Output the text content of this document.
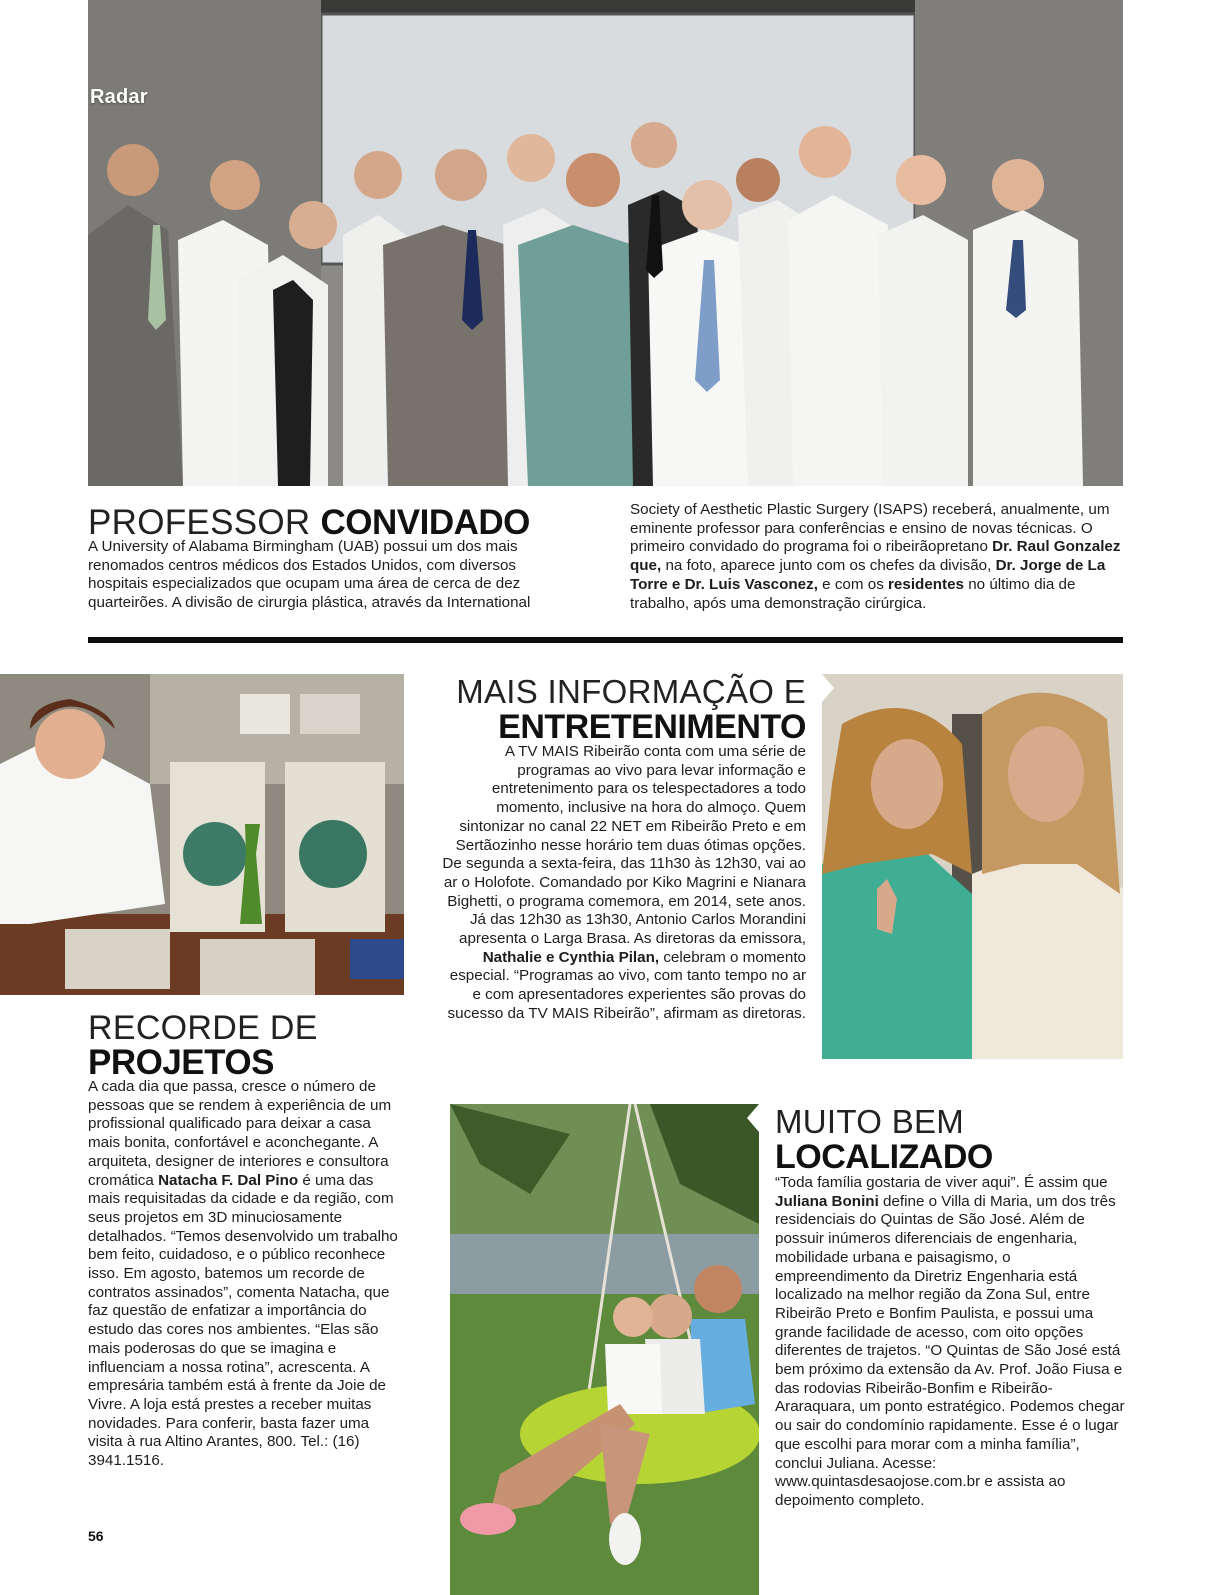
Radar
PROFESSOR CONVIDADO

A University of Alabama Birmingham (UAB) possui um dos mais renomados centros médicos dos Estados Unidos, com diversos hospitais especializados que ocupam uma área de cerca de dez quarteirões. A divisão de cirurgia plástica, através da International

Society of Aesthetic Plastic Surgery (ISAPS) receberá, anualmente, um eminente professor para conferências e ensino de novas técnicas. O primeiro convidado do programa foi o ribeirãopretano Dr. Raul Gonzalez que, na foto, aparece junto com os chefes da divisão, Dr. Jorge de La Torre e Dr. Luis Vasconez, e com os residentes no último dia de trabalho, após uma demonstração cirúrgica.

RECORDE DE
PROJETOS

A cada dia que passa, cresce o número de pessoas que se rendem à experiência de um profissional qualificado para deixar a casa mais bonita, confortável e aconchegante. A arquiteta, designer de interiores e consultora cromática Natacha F. Dal Pino é uma das mais requisitadas da cidade e da região, com seus projetos em 3D minuciosamente detalhados. “Temos desenvolvido um trabalho bem feito, cuidadoso, e o público reconhece isso. Em agosto, batemos um recorde de contratos assinados”, comenta Natacha, que faz questão de enfatizar a importância do estudo das cores nos ambientes. “Elas são mais poderosas do que se imagina e influenciam a nossa rotina”, acrescenta. A empresária também está à frente da Joie de Vivre. A loja está prestes a receber muitas novidades. Para conferir, basta fazer uma visita à rua Altino Arantes, 800. Tel.: (16) 3941.1516.

MAIS INFORMAÇÃO E
ENTRETENIMENTO

A TV MAIS Ribeirão conta com uma série de programas ao vivo para levar informação e entretenimento para os telespectadores a todo momento, inclusive na hora do almoço. Quem sintonizar no canal 22 NET em Ribeirão Preto e em Sertãozinho nesse horário tem duas ótimas opções. De segunda a sexta-feira, das 11h30 às 12h30, vai ao ar o Holofote. Comandado por Kiko Magrini e Nianara Bighetti, o programa comemora, em 2014, sete anos. Já das 12h30 as 13h30, Antonio Carlos Morandini apresenta o Larga Brasa. As diretoras da emissora, Nathalie e Cynthia Pilan, celebram o momento especial. “Programas ao vivo, com tanto tempo no ar e com apresentadores experientes são provas do sucesso da TV MAIS Ribeirão”, afirmam as diretoras.

MUITO BEM
LOCALIZADO

“Toda família gostaria de viver aqui”. É assim que Juliana Bonini define o Villa di Maria, um dos três residenciais do Quintas de São José. Além de possuir inúmeros diferenciais de engenharia, mobilidade urbana e paisagismo, o empreendimento da Diretriz Engenharia está localizado na melhor região da Zona Sul, entre Ribeirão Preto e Bonfim Paulista, e possui uma grande facilidade de acesso, com oito opções diferentes de trajetos. “O Quintas de São José está bem próximo da extensão da Av. Prof. João Fiusa e das rodovias Ribeirão-Bonfim e Ribeirão-Araraquara, um ponto estratégico. Podemos chegar ou sair do condomínio rapidamente. Esse é o lugar que escolhi para morar com a minha família”, conclui Juliana. Acesse: www.quintasdesaojose.com.br e assista ao depoimento completo.

56
